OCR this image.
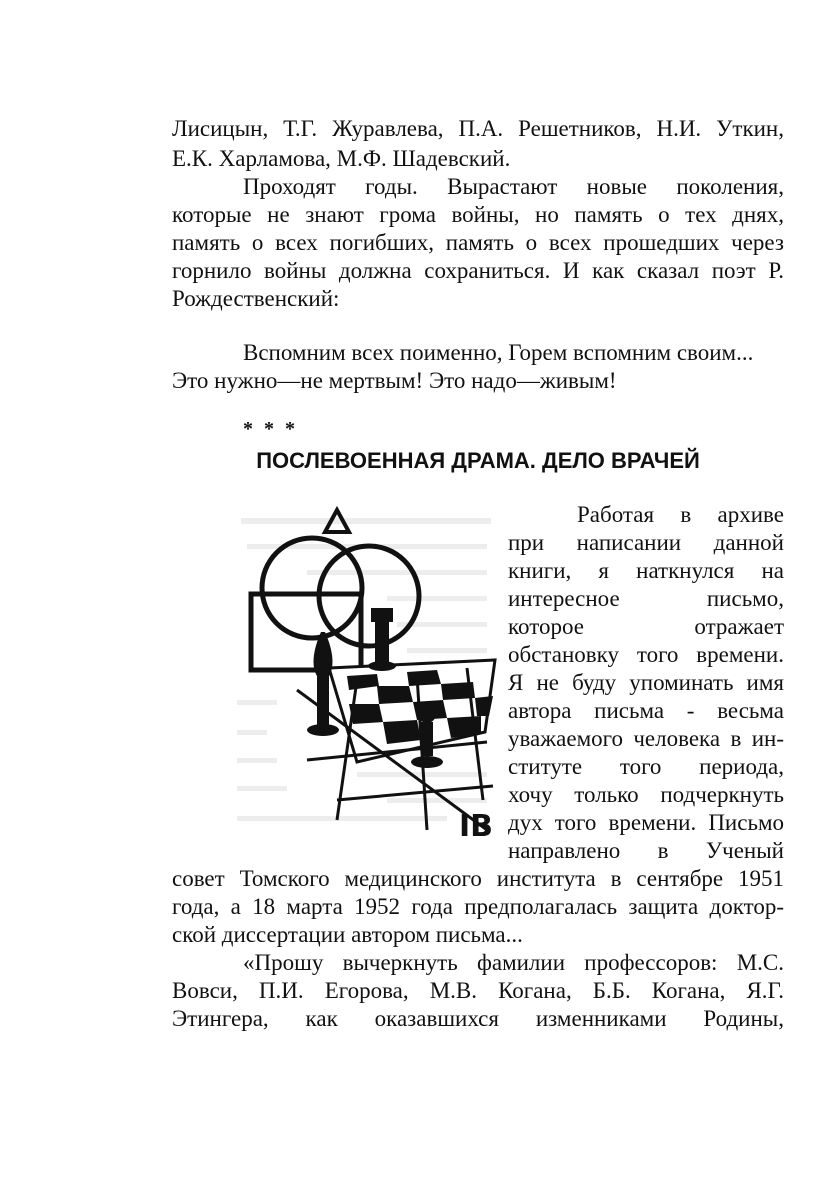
Лисицын, Т.Г. Журавлева, П.А. Решетников, Н.И. Уткин,
Е.К. Харламова, М.Ф. Шадевский.
Проходят годы. Вырастают новые поколения,
которые не знают грома войны, но память о тех днях,
память о всех погибших, память о всех прошедших через
горнило войны должна сохраниться. И как сказал поэт Р.
Рождественский:
Вспомним всех поименно, Горем вспомним своим...
Это нужно—не мертвым! Это надо—живым!
* * *
ПОСЛЕВОЕННАЯ ДРАМА. ДЕЛО ВРАЧЕЙ
IB
Работая в архиве
при написании данной
книги, я наткнулся на
интересное письмо,
которое отражает
обстановку того времени.
Я не буду упоминать имя
автора письма - весьма
уважаемого человека в ин-
ституте того периода,
хочу только подчеркнуть
дух того времени. Письмо
направлено в Ученый
совет Томского медицинского института в сентябре 1951
года, а 18 марта 1952 года предполагалась защита доктор-
ской диссертации автором письма...
«Прошу вычеркнуть фамилии профессоров: М.С.
Вовси, П.И. Егорова, М.В. Когана, Б.Б. Когана, Я.Г.
Этингера, как оказавшихся изменниками Родины,
